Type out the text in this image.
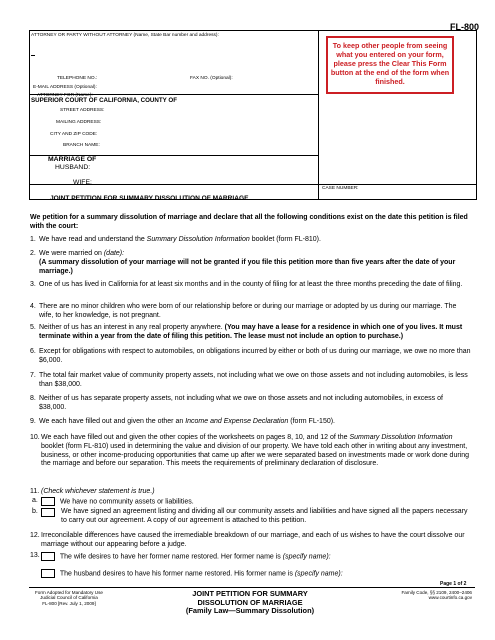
FL-800
ATTORNEY OR PARTY WITHOUT ATTORNEY (Name, State Bar number and address):
TELEPHONE NO.:	FAX NO. (Optional):
E-MAIL ADDRESS (Optional):
ATTORNEY FOR (Name):
SUPERIOR COURT OF CALIFORNIA, COUNTY OF
STREET ADDRESS:
MAILING ADDRESS:
CITY AND ZIP CODE:
BRANCH NAME:
MARRIAGE OF
HUSBAND:
WIFE:
JOINT PETITION FOR SUMMARY DISSOLUTION OF MARRIAGE
CASE NUMBER:
To keep other people from seeing what you entered on your form, please press the Clear This Form button at the end of the form when finished.
We petition for a summary dissolution of marriage and declare that all the following conditions exist on the date this petition is filed with the court:
1. We have read and understand the Summary Dissolution Information booklet (form FL-810).
2. We were married on (date):
(A summary dissolution of your marriage will not be granted if you file this petition more than five years after the date of your marriage.)
3. One of us has lived in California for at least six months and in the county of filing for at least the three months preceding the date of filing.
4. There are no minor children who were born of our relationship before or during our marriage or adopted by us during our marriage. The wife, to her knowledge, is not pregnant.
5. Neither of us has an interest in any real property anywhere. (You may have a lease for a residence in which one of you lives. It must terminate within a year from the date of filing this petition. The lease must not include an option to purchase.)
6. Except for obligations with respect to automobiles, on obligations incurred by either or both of us during our marriage, we owe no more than $6,000.
7. The total fair market value of community property assets, not including what we owe on those assets and not including automobiles, is less than $38,000.
8. Neither of us has separate property assets, not including what we owe on those assets and not including automobiles, in excess of $38,000.
9. We each have filled out and given the other an Income and Expense Declaration (form FL-150).
10. We each have filled out and given the other copies of the worksheets on pages 8, 10, and 12 of the Summary Dissolution Information booklet (form FL-810) used in determining the value and division of our property. We have told each other in writing about any investment, business, or other income-producing opportunities that came up after we were separated based on investments made or work done during the marriage and before our separation. This meets the requirements of preliminary declaration of disclosure.
11. (Check whichever statement is true.)
a.	We have no community assets or liabilities.
b.	We have signed an agreement listing and dividing all our community assets and liabilities and have signed all the papers necessary to carry out our agreement. A copy of our agreement is attached to this petition.
12. Irreconcilable differences have caused the irremediable breakdown of our marriage, and each of us wishes to have the court dissolve our marriage without our appearing before a judge.
13.	The wife desires to have her former name restored. Her former name is (specify name):
The husband desires to have his former name restored. His former name is (specify name):
Page 1 of 2
Form Adopted for Mandatory Use
Judicial Council of California
FL-800 [Rev. July 1, 2009]
JOINT PETITION FOR SUMMARY
DISSOLUTION OF MARRIAGE
(Family Law—Summary Dissolution)
Family Code, §§ 2109, 2400–2406
www.courtinfo.ca.gov
